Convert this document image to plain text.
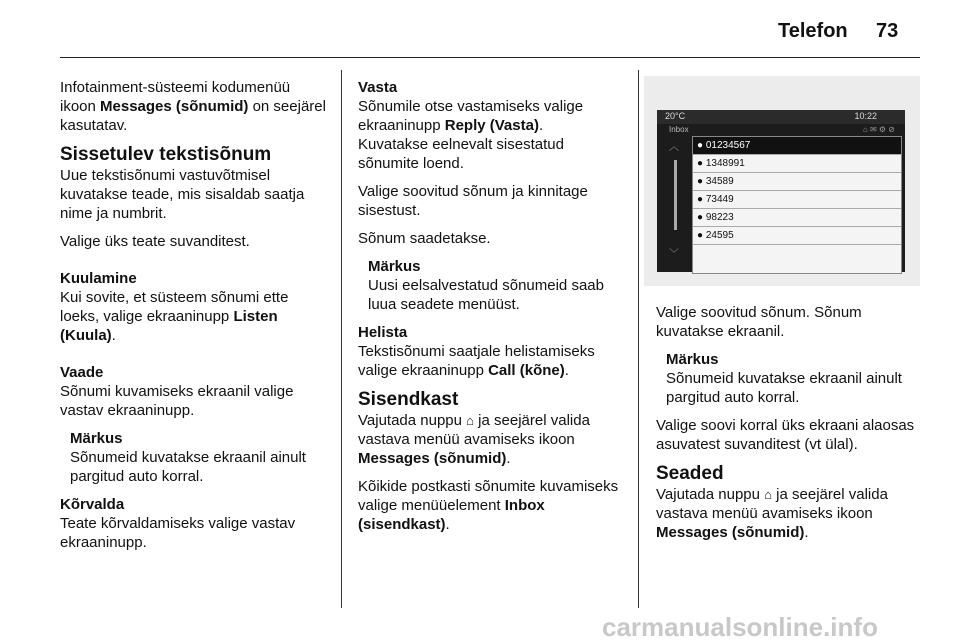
Telefon 73

Infotainment-süsteemi kodumenüü ikoon Messages (sõnumid) on seejärel kasutatav.

Sissetulev tekstisõnum

Uue tekstisõnumi vastuvõtmisel kuvatakse teade, mis sisaldab saatja nime ja numbrit.

Valige üks teate suvanditest.

Kuulamine

Kui sovite, et süsteem sõnumi ette loeks, valige ekraaninupp Listen (Kuula).

Vaade

Sõnumi kuvamiseks ekraanil valige vastav ekraaninupp.

Märkus

Sõnumeid kuvatakse ekraanil ainult pargitud auto korral.

Kõrvalda

Teate kõrvaldamiseks valige vastav ekraaninupp.

Vasta

Sõnumile otse vastamiseks valige ekraaninupp Reply (Vasta).

Kuvatakse eelnevalt sisestatud sõnumite loend.

Valige soovitud sõnum ja kinnitage sisestust.

Sõnum saadetakse.

Märkus

Uusi eelsalvestatud sõnumeid saab luua seadete menüüst.

Helista

Tekstisõnumi saatjale helistamiseks valige ekraaninupp Call (kõne).

Sisendkast

Vajutada nuppu ⌂ ja seejärel valida vastava menüü avamiseks ikoon Messages (sõnumid).

Kõikide postkasti sõnumite kuvamiseks valige menüüelement Inbox (sisendkast).

20°C	10:22
Inbox	⌂ ✉ ⚙ ⊘
︿
﹀
● 01234567
● 1348991
● 34589
● 73449
● 98223
● 24595

Valige soovitud sõnum. Sõnum kuvatakse ekraanil.

Märkus

Sõnumeid kuvatakse ekraanil ainult pargitud auto korral.

Valige soovi korral üks ekraani alaosas asuvatest suvanditest (vt ülal).

Seaded

Vajutada nuppu ⌂ ja seejärel valida vastava menüü avamiseks ikoon Messages (sõnumid).

carmanualsonline.info
